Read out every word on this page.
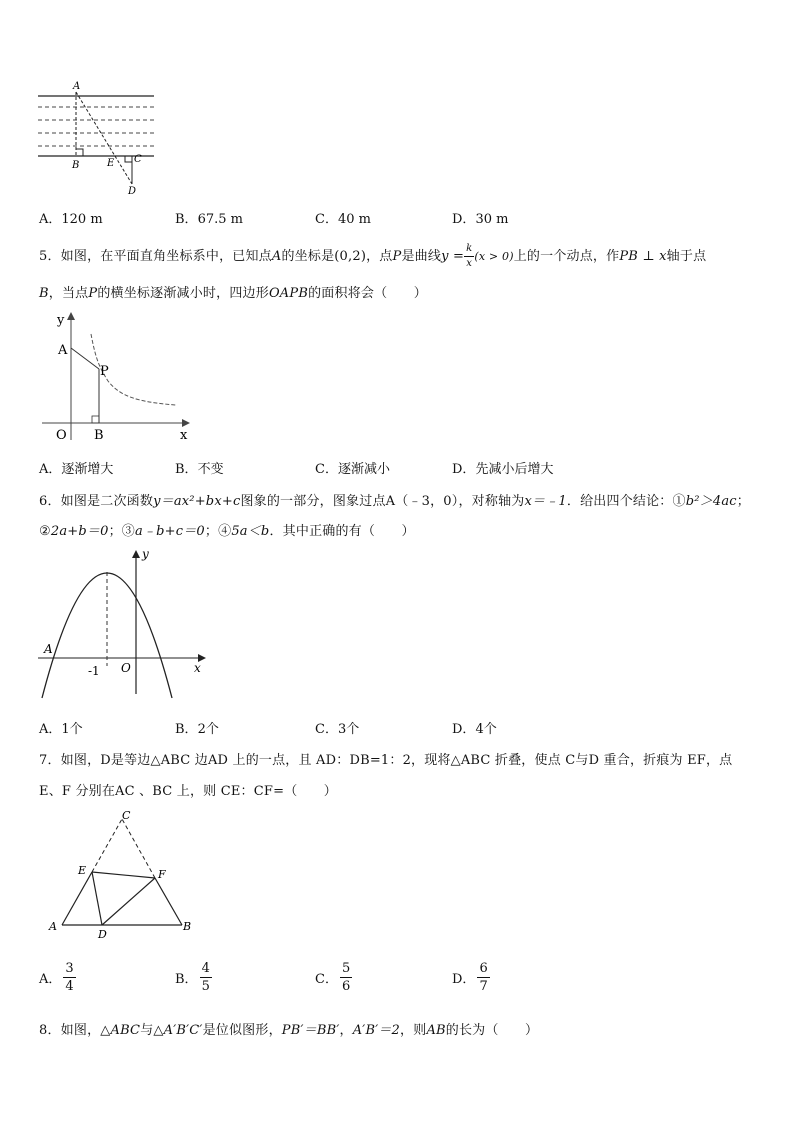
A
B	E C
D
A．120 m	B．67.5 m	C．40 m	D．30 m
5．如图，在平面直角坐标系中，已知点A的坐标是(0,2)，点P是曲线$y = \frac{k}{x} (x > 0)$上的一个动点，作PB ⊥ x轴于点
B，当点P的横坐标逐渐减小时，四边形OAPB的面积将会（　　）
y
A
P
O B	x
A．逐渐增大	B．不变	C．逐渐减小	D．先减小后增大
6．如图是二次函数y＝ax²+bx+c图象的一部分，图象过点A（﹣3，0），对称轴为x＝﹣1．给出四个结论：①b²＞4ac；
②2a+b＝0；③a﹣b+c＝0；④5a＜b．其中正确的有（　　）
y
A
-1 O	x
A．1个	B．2个	C．3个	D．4个
7．如图，D是等边△ABC 边AD 上的一点，且 AD：DB=1：2，现将△ABC 折叠，使点 C与D 重合，折痕为 EF，点
E、F 分别在AC 、BC 上，则 CE：CF=（　　）
C
E	F
A
D
B
A． $\frac{3}{4}$	B． $\frac{4}{5}$	C． $\frac{5}{6}$	D． $\frac{6}{7}$
8．如图，△ABC与△A′B′C′是位似图形，PB′＝BB′，A′B′＝2，则AB的长为（　　）
